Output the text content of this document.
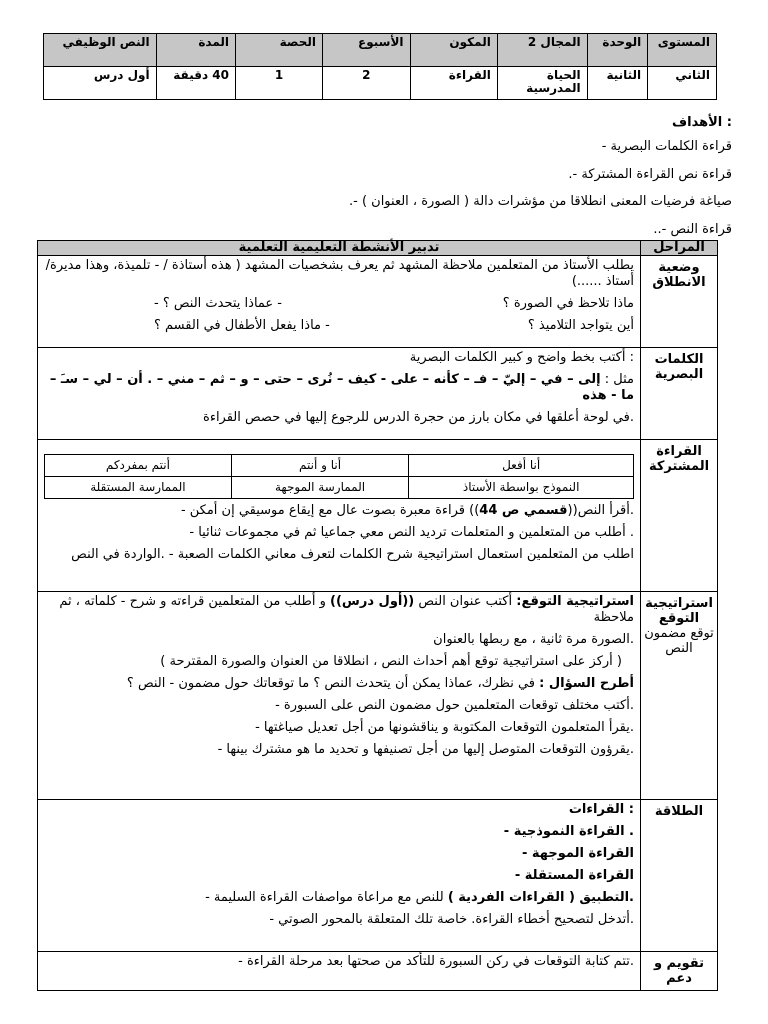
المستوى	الوحدة	المجال 2	المكون	الأسبوع	الحصة	المدة	النص الوظيفي
الثاني	الثانية	الحياة المدرسية	القراءة	2	1	40 دقيقة	أول درس
: الأهداف
قراءة الكلمات البصرية -
قراءة نص القراءة المشتركة -.
صياغة فرضيات المعنى انطلاقا من مؤشرات دالة ( الصورة ، العنوان ) -.
قراءة النص -..
المراحل	تدبير الأنشطة التعليمية التعلمية
وضعية الانطلاق	
يطلب الأستاذ من المتعلمين ملاحظة المشهد ثم يعرف بشخصيات المشهد ( هذه أستاذة / - تلميذة، وهذا مديرة/أستاذ ......)
ماذا تلاحظ في الصورة ؟
- عماذا يتحدث النص ؟ -
أين يتواجد التلاميذ ؟
- ماذا يفعل الأطفال في القسم ؟

الكلمات البصرية	
: أكتب بخط واضح و كبير الكلمات البصرية
مثل : إلى – في – إليّ – فـ – كأنه – على - كيف – نُرى – حتى – و – ثم – مني – . أن – لي – سـَ – ما - هذه
.في لوحة أعلقها في مكان بارز من حجرة الدرس للرجوع إليها في حصص القراءة

القراءة المشتركة	
أنا أفعل	أنا و أنتم	أنتم بمفردكم
النموذج بواسطة الأستاذ	الممارسة الموجهة	الممارسة المستقلة
.أقرأ النص((قسمي ص 44)) قراءة معبرة بصوت عال مع إيقاع موسيقي إن أمكن -
. أطلب من المتعلمين و المتعلمات ترديد النص معي جماعيا ثم في مجموعات ثنائيا -
اطلب من المتعلمين استعمال استراتيجية شرح الكلمات لتعرف معاني الكلمات الصعبة - .الواردة في النص

استراتيجية التوقع
توقع مضمون النص

استراتيجية التوقع: أكتب عنوان النص ((أول درس)) و أطلب من المتعلمين قراءته و شرح - كلماته ، ثم ملاحظة
.الصورة مرة ثانية ، مع ربطها بالعنوان
( أركز على استراتيجية توقع أهم أحداث النص ، انطلاقا من العنوان والصورة المقترحة )
أطرح السؤال : في نظرك، عماذا يمكن أن يتحدث النص ؟ ما توقعاتك حول مضمون - النص ؟
.أكتب مختلف توقعات المتعلمين حول مضمون النص على السبورة -
.يقرأ المتعلمون التوقعات المكتوبة و يناقشونها من أجل تعديل صياغتها -
.يقرؤون التوقعات المتوصل إليها من أجل تصنيفها و تحديد ما هو مشترك بينها -

الطلاقة	
: القراءات
. القراءة النموذجية -
القراءة الموجهة -
القراءة المستقلة -
.التطبيق ( القراءات الفردية ) للنص مع مراعاة مواصفات القراءة السليمة -
.أتدخل لتصحيح أخطاء القراءة. خاصة تلك المتعلقة بالمحور الصوتي -

تقويم و دعم	
.تتم كتابة التوقعات في ركن السبورة للتأكد من صحتها بعد مرحلة القراءة -
